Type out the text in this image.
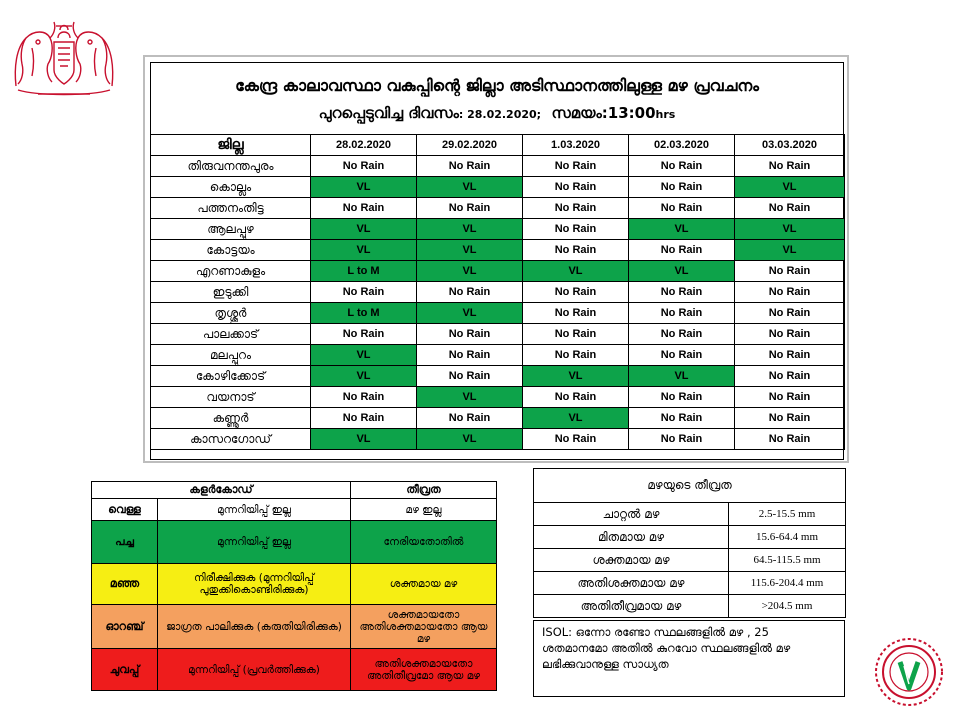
കേന്ദ്ര കാലാവസ്ഥാ വകുപ്പിന്റെ ജില്ലാ അടിസ്ഥാനത്തിലുള്ള മഴ പ്രവചനം
പുറപ്പെടുവിച്ച ദിവസം: 28.02.2020; സമയം:13:00hrs
ജില്ല	28.02.2020	29.02.2020	1.03.2020	02.03.2020	03.03.2020
തിരുവനന്തപുരം	No Rain	No Rain	No Rain	No Rain	No Rain
കൊല്ലം	VL	VL	No Rain	No Rain	VL
പത്തനംതിട്ട	No Rain	No Rain	No Rain	No Rain	No Rain
ആലപ്പുഴ	VL	VL	No Rain	VL	VL
കോട്ടയം	VL	VL	No Rain	No Rain	VL
എറണാകുളം	L to M	VL	VL	VL	No Rain
ഇടുക്കി	No Rain	No Rain	No Rain	No Rain	No Rain
തൃശ്ശൂർ	L to M	VL	No Rain	No Rain	No Rain
പാലക്കാട്	No Rain	No Rain	No Rain	No Rain	No Rain
മലപ്പുറം	VL	No Rain	No Rain	No Rain	No Rain
കോഴിക്കോട്	VL	No Rain	VL	VL	No Rain
വയനാട്	No Rain	VL	No Rain	No Rain	No Rain
കണ്ണൂർ	No Rain	No Rain	VL	No Rain	No Rain
കാസറഗോഡ്	VL	VL	No Rain	No Rain	No Rain
കളർകോഡ്		തീവ്രത
വെള്ള	മുന്നറിയിപ്പ് ഇല്ല	മഴ ഇല്ല
പച്ച	മുന്നറിയിപ്പ് ഇല്ല	നേരിയതോതിൽ
മഞ്ഞ	നിരീക്ഷിക്കുക (മുന്നറിയിപ്പ് പുതുക്കികൊണ്ടിരിക്കുക)	ശക്തമായ മഴ
ഓറഞ്ച്	ജാഗ്രത പാലിക്കുക (കരുതിയിരിക്കുക)	ശക്തമായതോ അതിശക്തമായതോ ആയ മഴ
ചുവപ്പ്	മുന്നറിയിപ്പ് (പ്രവർത്തിക്കുക)	അതിശക്തമായതോ അതിതീവ്രമോ ആയ മഴ
മഴയുടെ തീവ്രത	
ചാറ്റൽ മഴ	2.5-15.5 mm
മിതമായ മഴ	15.6-64.4 mm
ശക്തമായ മഴ	64.5-115.5 mm
അതിശക്തമായ മഴ	115.6-204.4 mm
അതിതീവ്രമായ മഴ	>204.5 mm
ISOL: ഒന്നോ രണ്ടോ സ്ഥലങ്ങളിൽ മഴ , 25 ശതമാനമോ അതിൽ കുറവോ സ്ഥലങ്ങളിൽ മഴ ലഭിക്കുവാനുള്ള സാധ്യത
